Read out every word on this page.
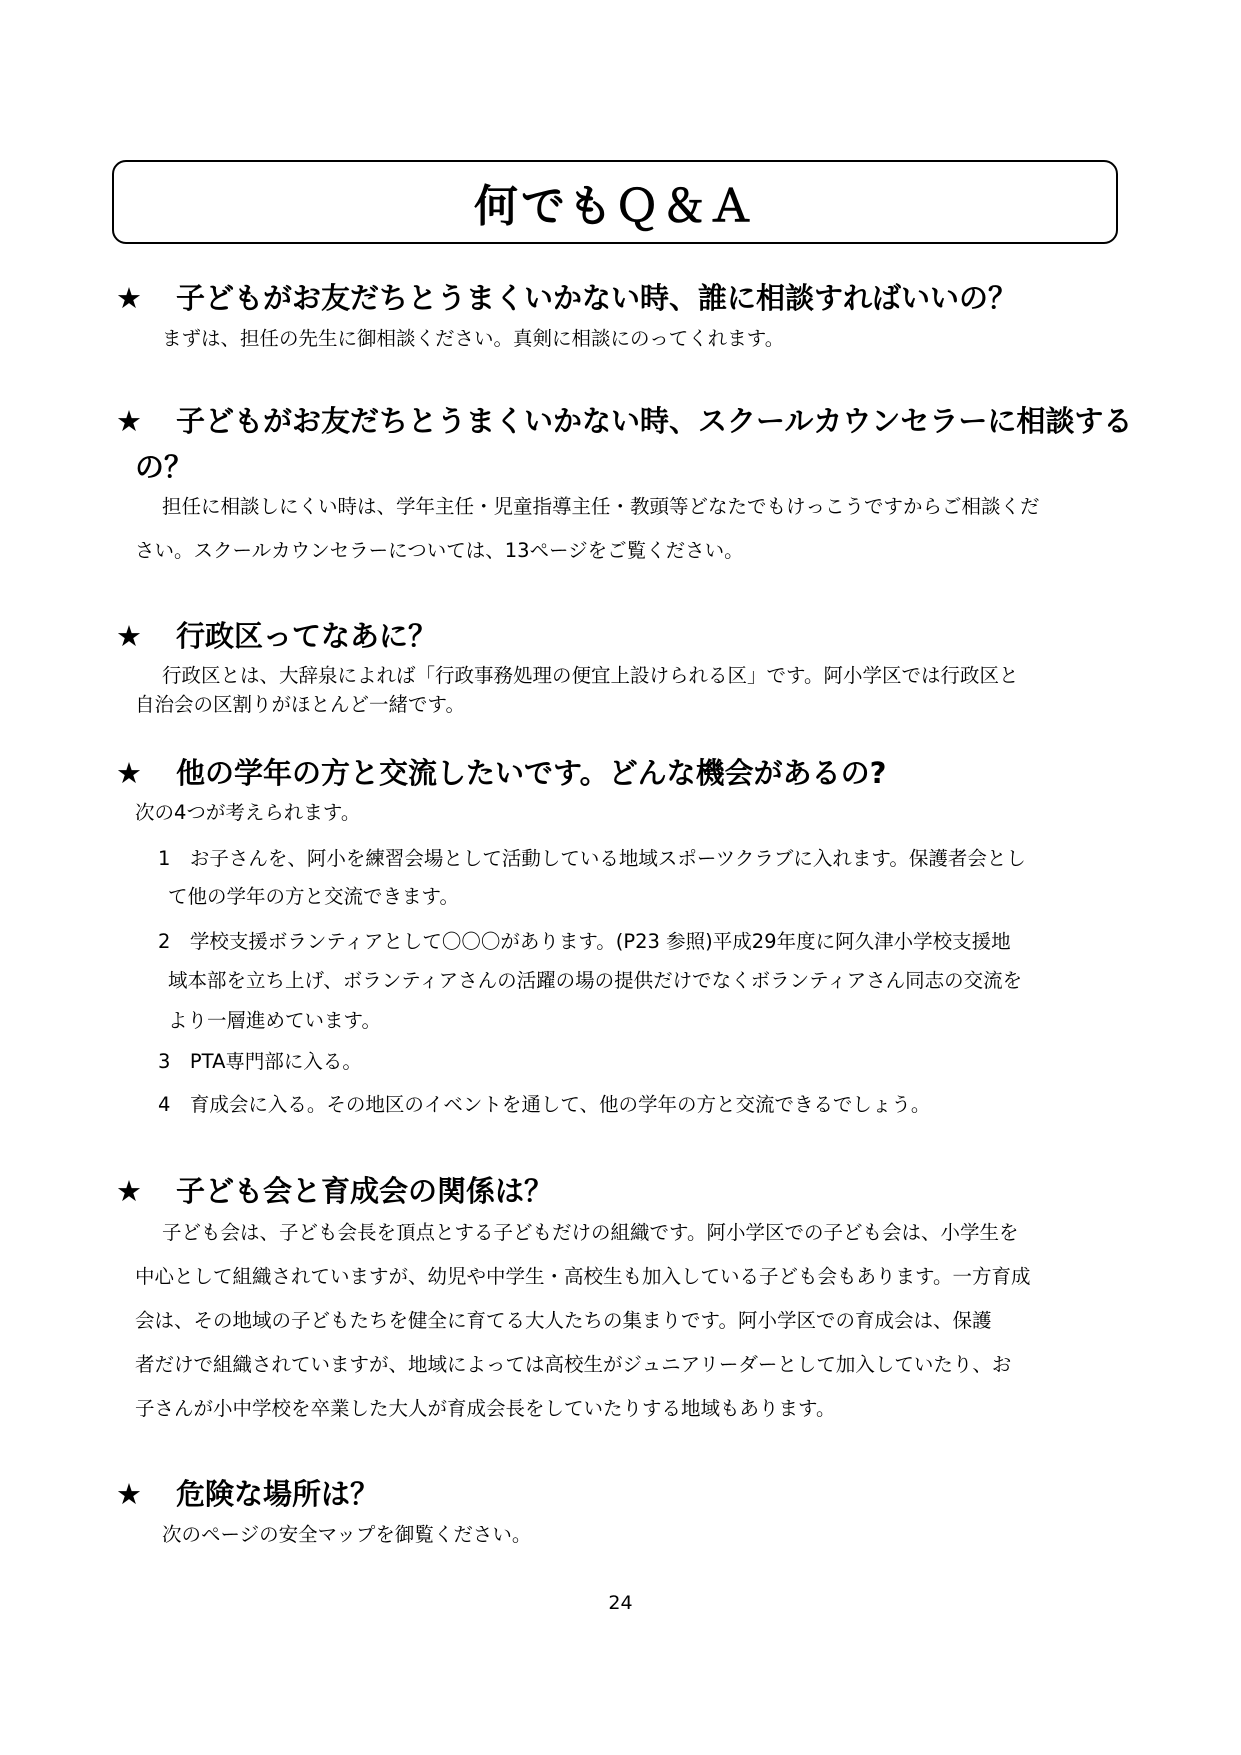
何でもＱ＆Ａ
★ 子どもがお友だちとうまくいかない時、誰に相談すればいいの？

まずは、担任の先生に御相談ください。真剣に相談にのってくれます。

★ 子どもがお友だちとうまくいかない時、スクールカウンセラーに相談する
の？

担任に相談しにくい時は、学年主任・児童指導主任・教頭等どなたでもけっこうですからご相談くだ

さい。スクールカウンセラーについては、13ページをご覧ください。

★ 行政区ってなあに？

行政区とは、大辞泉によれば「行政事務処理の便宜上設けられる区」です。阿小学区では行政区と

自治会の区割りがほとんど一緒です。

★ 他の学年の方と交流したいです。どんな機会があるの?

次の4つが考えられます。

1　お子さんを、阿小を練習会場として活動している地域スポーツクラブに入れます。保護者会とし

て他の学年の方と交流できます。

2　学校支援ボランティアとして〇〇〇があります。(P23 参照)平成29年度に阿久津小学校支援地

域本部を立ち上げ、ボランティアさんの活躍の場の提供だけでなくボランティアさん同志の交流を

より一層進めています。

3　PTA専門部に入る。

4　育成会に入る。その地区のイベントを通して、他の学年の方と交流できるでしょう。

★ 子ども会と育成会の関係は？

子ども会は、子ども会長を頂点とする子どもだけの組織です。阿小学区での子ども会は、小学生を

中心として組織されていますが、幼児や中学生・高校生も加入している子ども会もあります。一方育成

会は、その地域の子どもたちを健全に育てる大人たちの集まりです。阿小学区での育成会は、保護

者だけで組織されていますが、地域によっては高校生がジュニアリーダーとして加入していたり、お

子さんが小中学校を卒業した大人が育成会長をしていたりする地域もあります。

★ 危険な場所は？

次のページの安全マップを御覧ください。

24
